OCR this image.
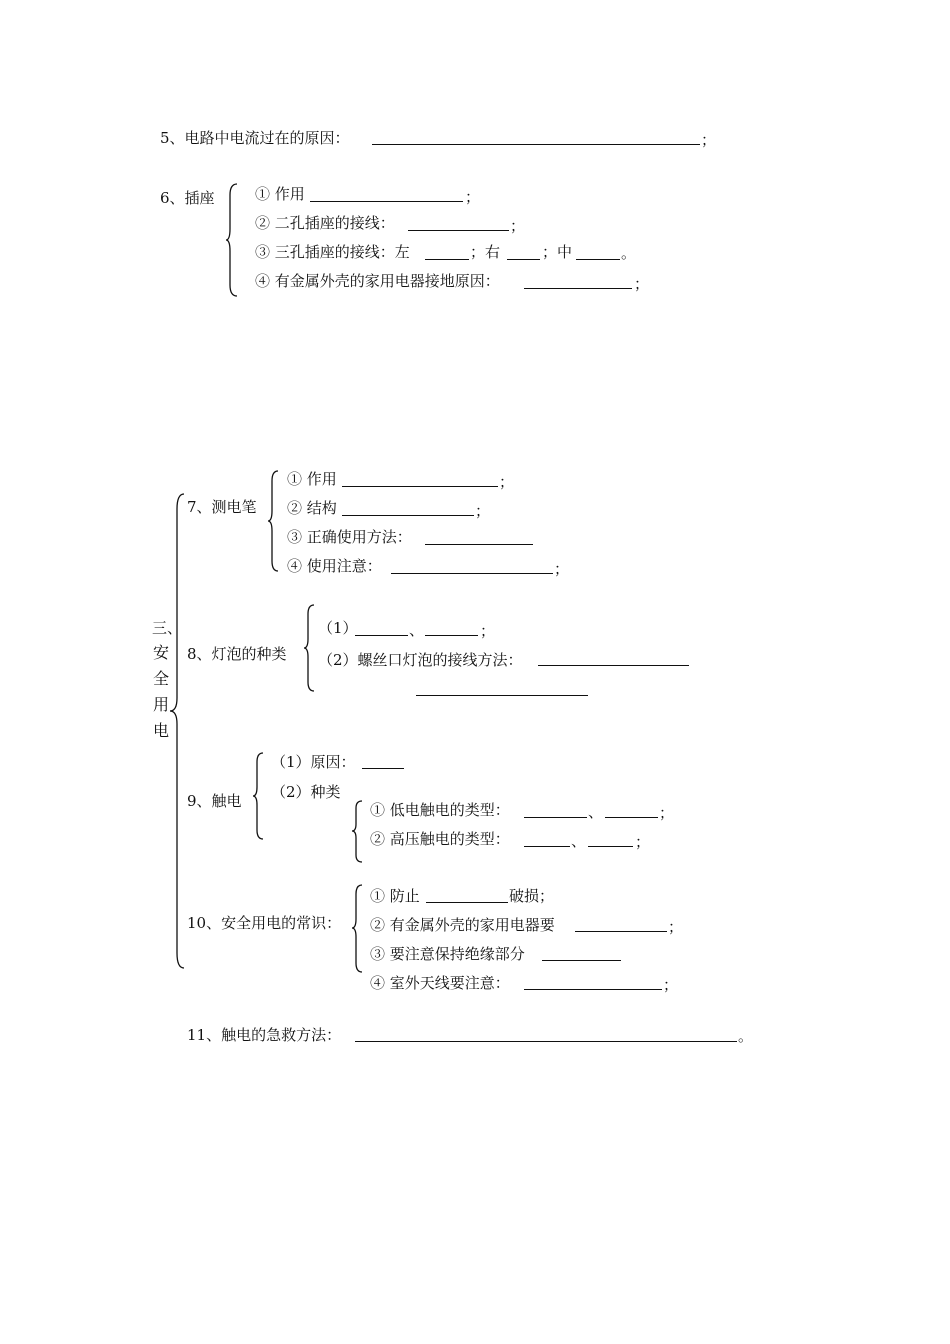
5、电路中电流过在的原因：	；
6、插座	① 作用	；
② 二孔插座的接线：	；
③ 三孔插座的接线：左	；右	；中	。
④ 有金属外壳的家用电器接地原因：	；
三、
安
全
用
电
7、测电笔
① 作用	；
② 结构	；
③ 正确使用方法：
④ 使用注意：	；
8、灯泡的种类
（1）	、	；
（2）螺丝口灯泡的接线方法：
9、触电
（1）原因：
（2）种类
① 低电触电的类型：	、	；
② 高压触电的类型：	、	；
10、安全用电的常识：
① 防止	破损；
② 有金属外壳的家用电器要	；
③ 要注意保持绝缘部分
④ 室外天线要注意：	；
11、触电的急救方法：	。
